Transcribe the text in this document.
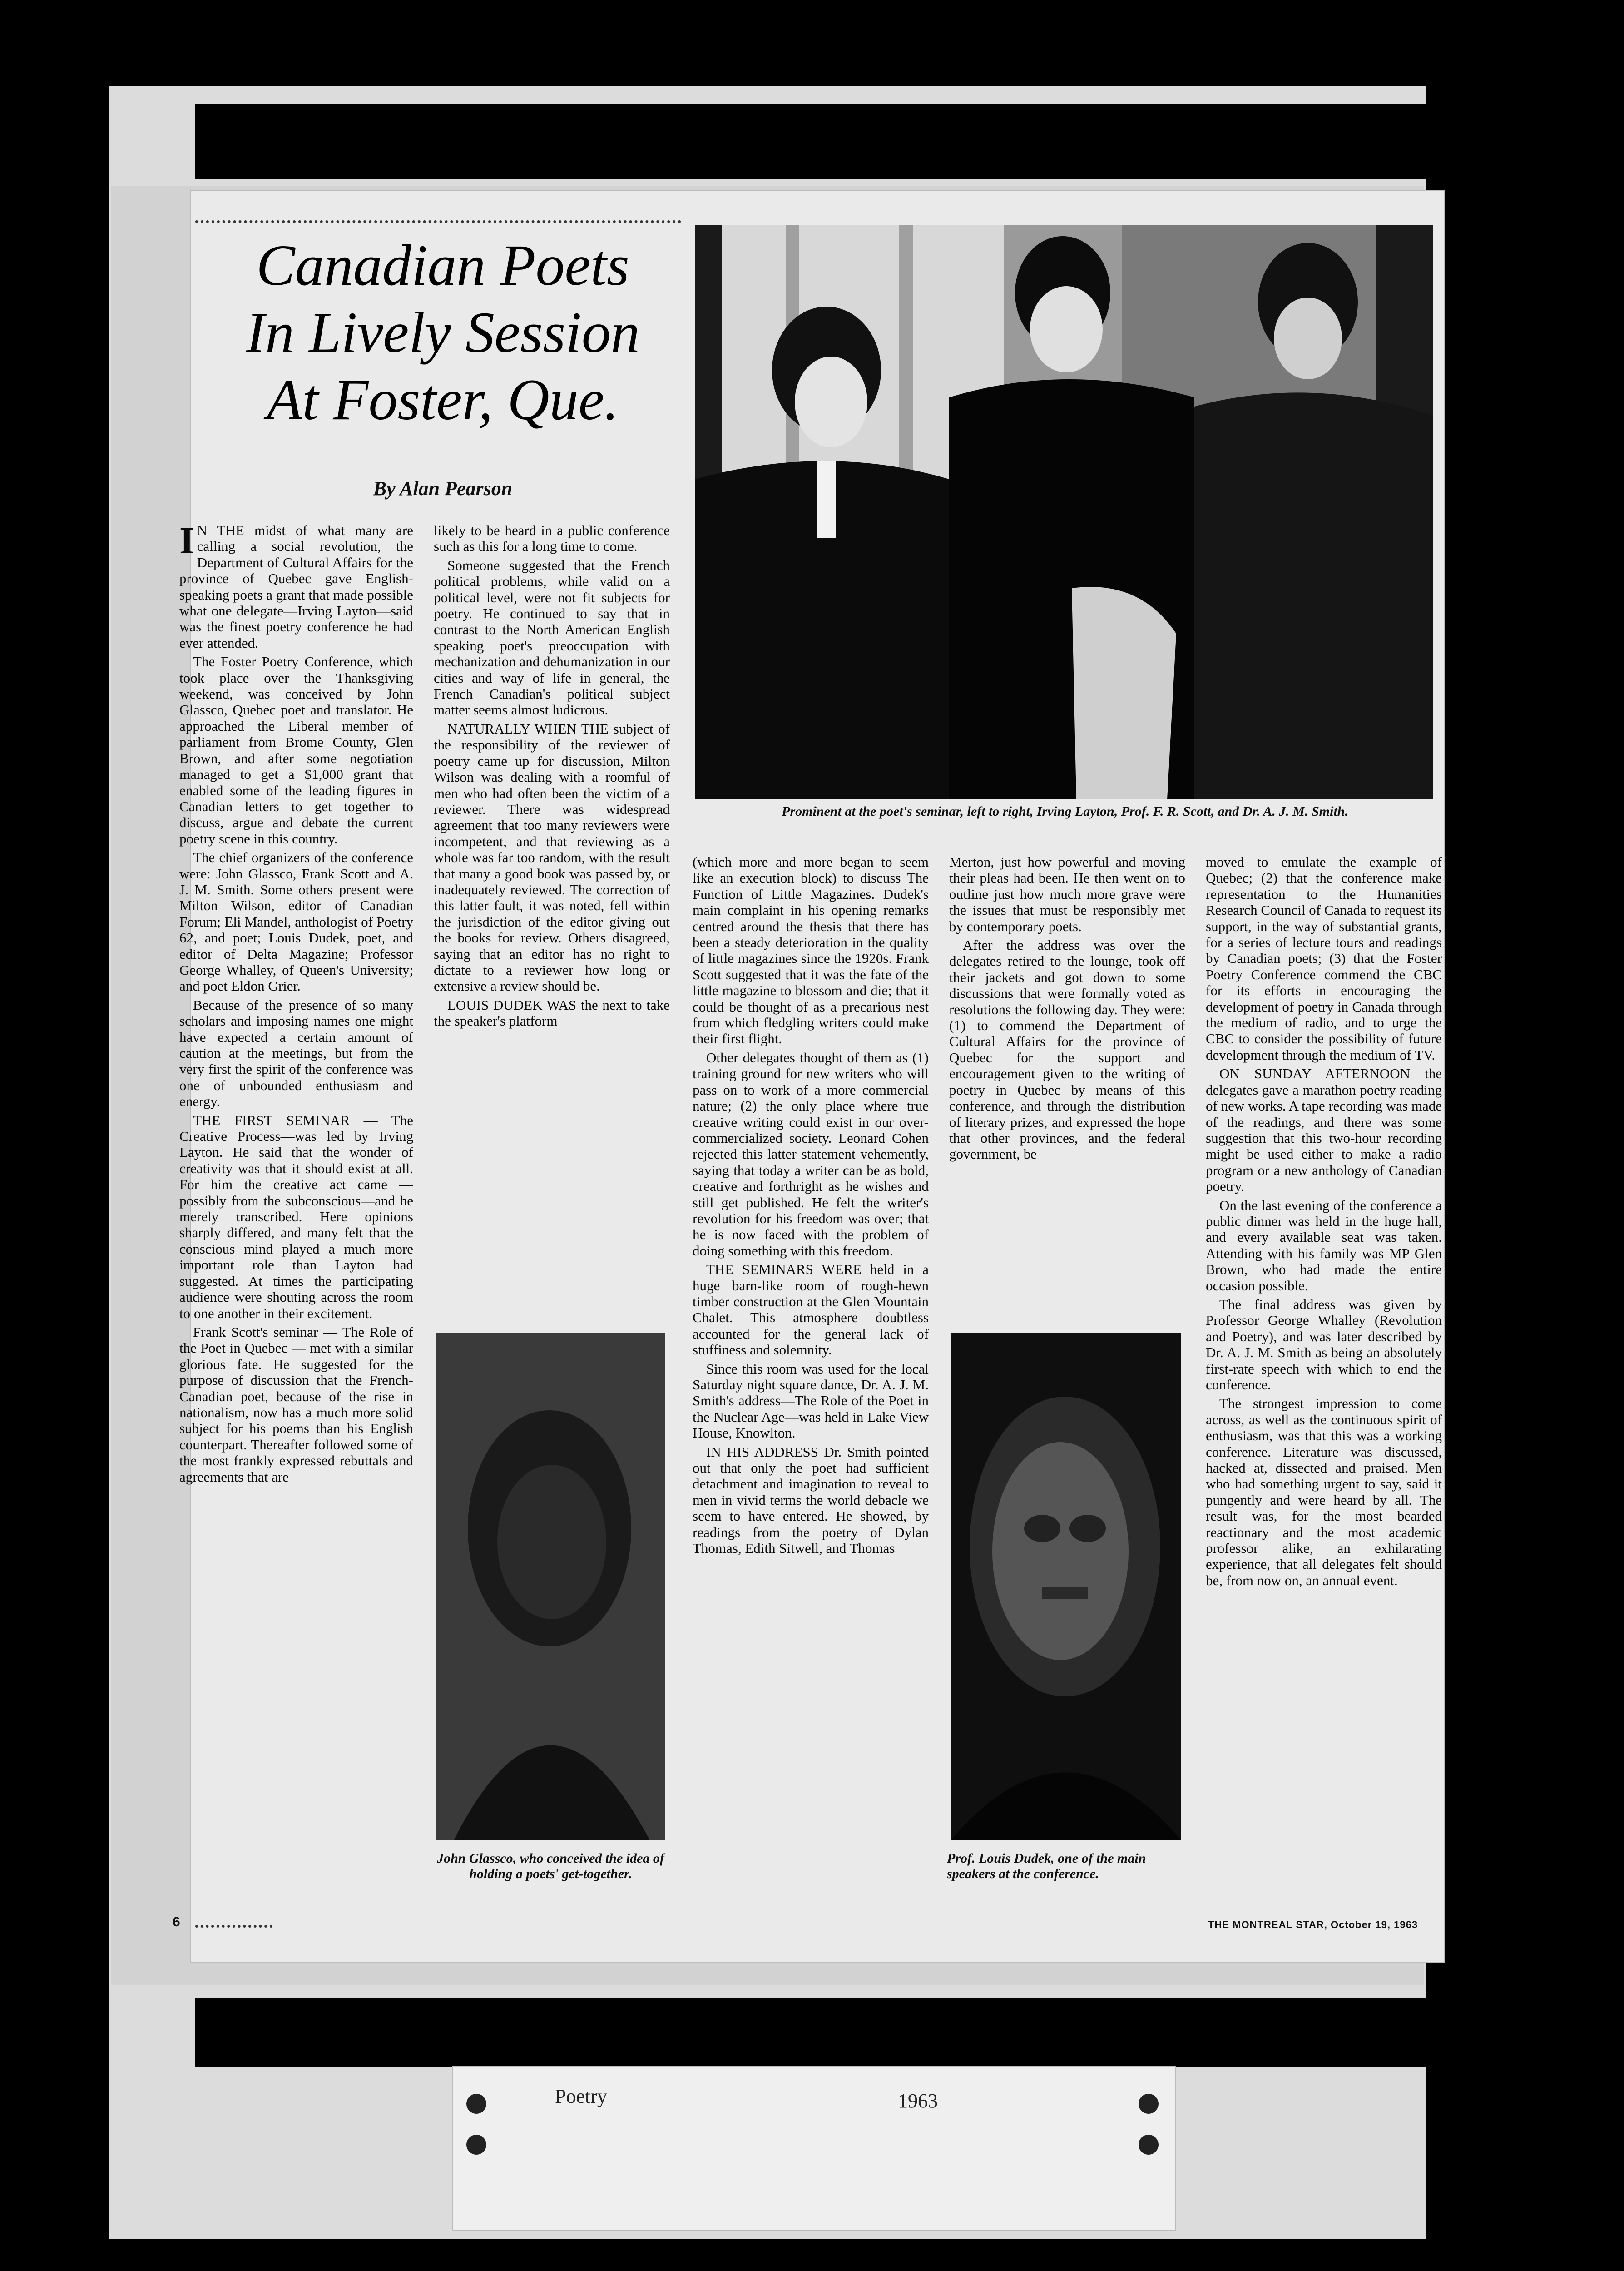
Canadian Poets
In Lively Session
At Foster, Que.
By Alan Pearson

I N THE midst of what many are calling a social revolution, the Department of Cultural Affairs for the province of Quebec gave English-speaking poets a grant that made possible what one delegate—Irving Layton—said was the finest poetry conference he had ever attended.

The Foster Poetry Conference, which took place over the Thanksgiving weekend, was conceived by John Glassco, Quebec poet and translator. He approached the Liberal member of parliament from Brome County, Glen Brown, and after some negotiation managed to get a $1,000 grant that enabled some of the leading figures in Canadian letters to get together to discuss, argue and debate the current poetry scene in this country.

The chief organizers of the conference were: John Glassco, Frank Scott and A. J. M. Smith. Some others present were Milton Wilson, editor of Canadian Forum; Eli Mandel, anthologist of Poetry 62, and poet; Louis Dudek, poet, and editor of Delta Magazine; Professor George Whalley, of Queen's University; and poet Eldon Grier.

Because of the presence of so many scholars and imposing names one might have expected a certain amount of caution at the meetings, but from the very first the spirit of the conference was one of unbounded enthusiasm and energy.

THE FIRST SEMINAR — The Creative Process—was led by Irving Layton. He said that the wonder of creativity was that it should exist at all. For him the creative act came — possibly from the subconscious—and he merely transcribed. Here opinions sharply differed, and many felt that the conscious mind played a much more important role than Layton had suggested. At times the participating audience were shouting across the room to one another in their excitement.

Frank Scott's seminar — The Role of the Poet in Quebec — met with a similar glorious fate. He suggested for the purpose of discussion that the French-Canadian poet, because of the rise in nationalism, now has a much more solid subject for his poems than his English counterpart. Thereafter followed some of the most frankly expressed rebuttals and agreements that are

likely to be heard in a public conference such as this for a long time to come.

Someone suggested that the French political problems, while valid on a political level, were not fit subjects for poetry. He continued to say that in contrast to the North American English speaking poet's preoccupation with mechanization and dehumanization in our cities and way of life in general, the French Canadian's political subject matter seems almost ludicrous.

NATURALLY WHEN THE subject of the responsibility of the reviewer of poetry came up for discussion, Milton Wilson was dealing with a roomful of men who had often been the victim of a reviewer. There was widespread agreement that too many reviewers were incompetent, and that reviewing as a whole was far too random, with the result that many a good book was passed by, or inadequately reviewed. The correction of this latter fault, it was noted, fell within the jurisdiction of the editor giving out the books for review. Others disagreed, saying that an editor has no right to dictate to a reviewer how long or extensive a review should be.

LOUIS DUDEK WAS the next to take the speaker's platform

Prominent at the poet's seminar, left to right, Irving Layton, Prof. F. R. Scott, and Dr. A. J. M. Smith.

(which more and more began to seem like an execution block) to discuss The Function of Little Magazines. Dudek's main complaint in his opening remarks centred around the thesis that there has been a steady deterioration in the quality of little magazines since the 1920s. Frank Scott suggested that it was the fate of the little magazine to blossom and die; that it could be thought of as a precarious nest from which fledgling writers could make their first flight.

Other delegates thought of them as (1) training ground for new writers who will pass on to work of a more commercial nature; (2) the only place where true creative writing could exist in our over-commercialized society. Leonard Cohen rejected this latter statement vehemently, saying that today a writer can be as bold, creative and forthright as he wishes and still get published. He felt the writer's revolution for his freedom was over; that he is now faced with the problem of doing something with this freedom.

THE SEMINARS WERE held in a huge barn-like room of rough-hewn timber construction at the Glen Mountain Chalet. This atmosphere doubtless accounted for the general lack of stuffiness and solemnity.

Since this room was used for the local Saturday night square dance, Dr. A. J. M. Smith's address—The Role of the Poet in the Nuclear Age—was held in Lake View House, Knowlton.

IN HIS ADDRESS Dr. Smith pointed out that only the poet had sufficient detachment and imagination to reveal to men in vivid terms the world debacle we seem to have entered. He showed, by readings from the poetry of Dylan Thomas, Edith Sitwell, and Thomas

Merton, just how powerful and moving their pleas had been. He then went on to outline just how much more grave were the issues that must be responsibly met by contemporary poets.

After the address was over the delegates retired to the lounge, took off their jackets and got down to some discussions that were formally voted as resolutions the following day. They were: (1) to commend the Department of Cultural Affairs for the province of Quebec for the support and encouragement given to the writing of poetry in Quebec by means of this conference, and through the distribution of literary prizes, and expressed the hope that other provinces, and the federal government, be

moved to emulate the example of Quebec; (2) that the conference make representation to the Humanities Research Council of Canada to request its support, in the way of substantial grants, for a series of lecture tours and readings by Canadian poets; (3) that the Foster Poetry Conference commend the CBC for its efforts in encouraging the development of poetry in Canada through the medium of radio, and to urge the CBC to consider the possibility of future development through the medium of TV.

ON SUNDAY AFTERNOON the delegates gave a marathon poetry reading of new works. A tape recording was made of the readings, and there was some suggestion that this two-hour recording might be used either to make a radio program or a new anthology of Canadian poetry.

On the last evening of the conference a public dinner was held in the huge hall, and every available seat was taken. Attending with his family was MP Glen Brown, who had made the entire occasion possible.

The final address was given by Professor George Whalley (Revolution and Poetry), and was later described by Dr. A. J. M. Smith as being an absolutely first-rate speech with which to end the conference.

The strongest impression to come across, as well as the continuous spirit of enthusiasm, was that this was a working conference. Literature was discussed, hacked at, dissected and praised. Men who had something urgent to say, said it pungently and were heard by all. The result was, for the most bearded reactionary and the most academic professor alike, an exhilarating experience, that all delegates felt should be, from now on, an annual event.

John Glassco, who conceived the idea of holding a poets' get-together.
Prof. Louis Dudek, one of the main speakers at the conference.
6	THE MONTREAL STAR, October 19, 1963
Poetry	1963
